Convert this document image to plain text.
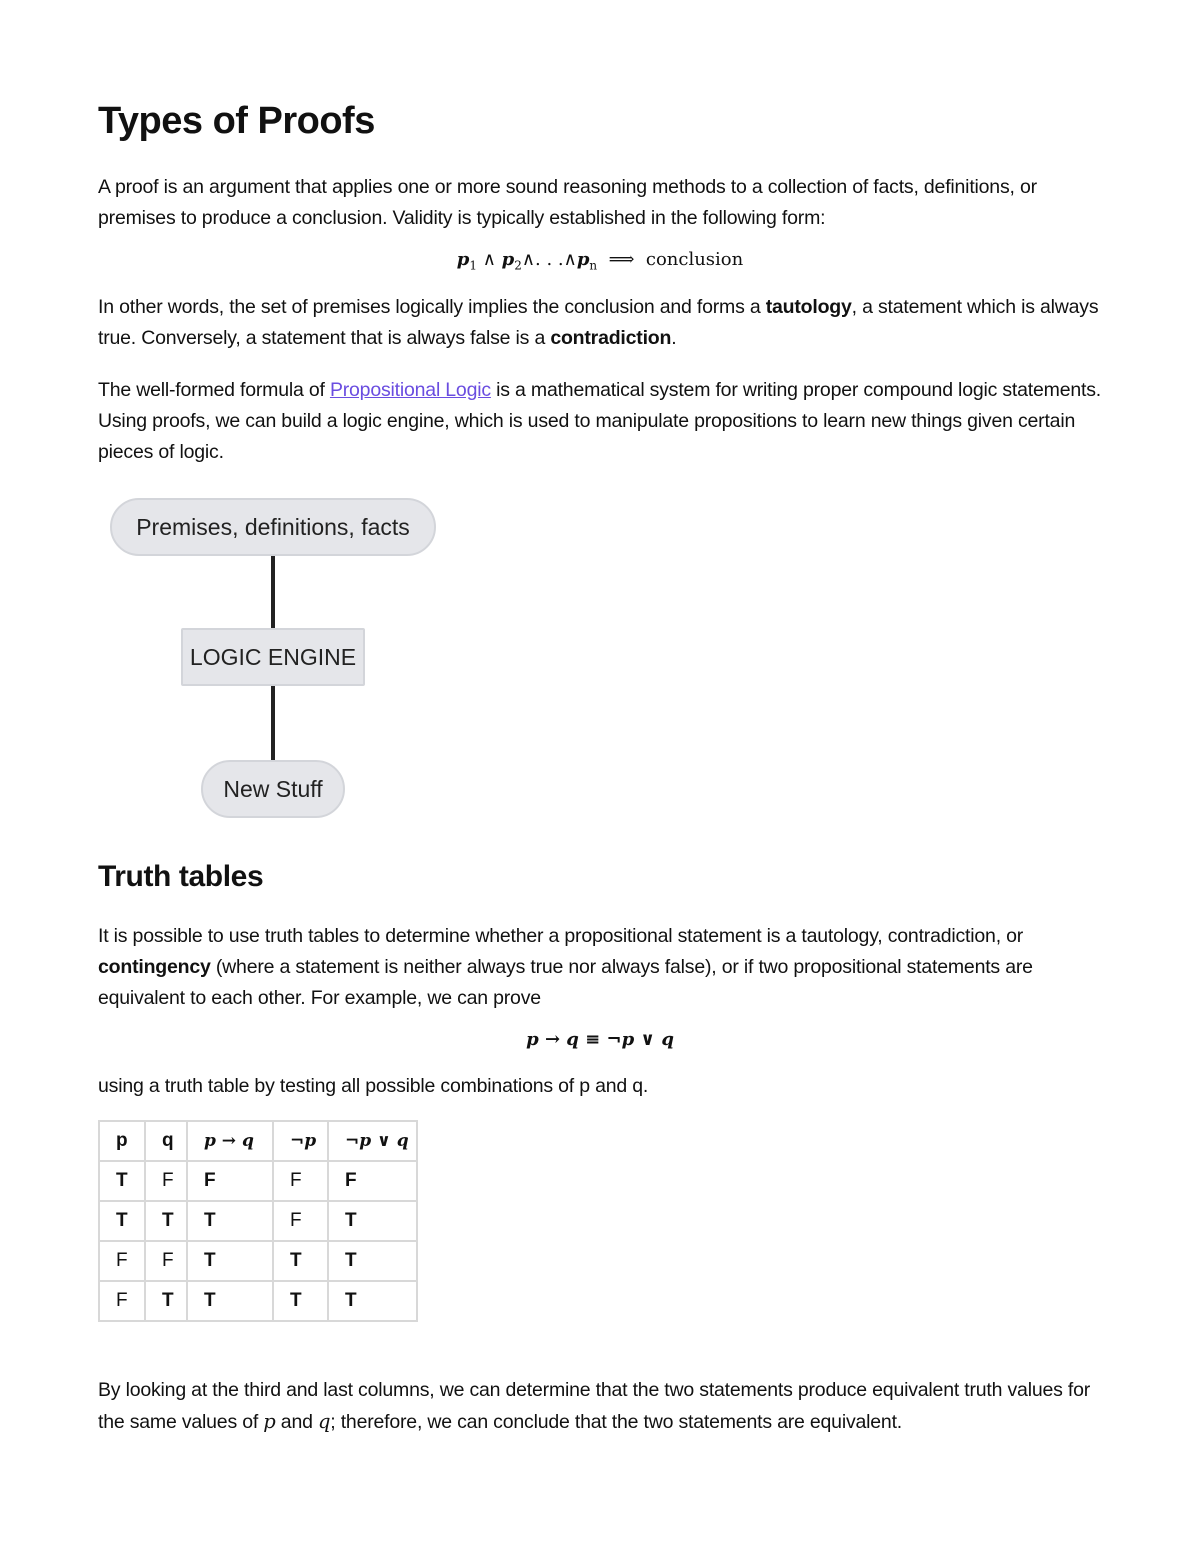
Types of Proofs

A proof is an argument that applies one or more sound reasoning methods to a collection of facts, definitions, or premises to produce a conclusion. Validity is typically established in the following form:

$p_1$ ∧ $p_2\wedge$. . $.\wedge p_n$  ⟹  conclusion

In other words, the set of premises logically implies the conclusion and forms a tautology, a statement which is always true. Conversely, a statement that is always false is a contradiction.

The well-formed formula of Propositional Logic is a mathematical system for writing proper compound logic statements. Using proofs, we can build a logic engine, which is used to manipulate propositions to learn new things given certain pieces of logic.

Premises, definitions, facts
LOGIC ENGINE
New Stuff
Truth tables

It is possible to use truth tables to determine whether a propositional statement is a tautology, contradiction, or contingency (where a statement is neither always true nor always false), or if two propositional statements are equivalent to each other. For example, we can prove

p → q ≡ ¬p ∨ q

using a truth table by testing all possible combinations of p and q.

p	q	p → q	¬p	¬p ∨ q
T	F	F	F	F
T	T	T	F	T
F	F	T	T	T
F	T	T	T	T

By looking at the third and last columns, we can determine that the two statements produce equivalent truth values for the same values of p and q; therefore, we can conclude that the two statements are equivalent.
